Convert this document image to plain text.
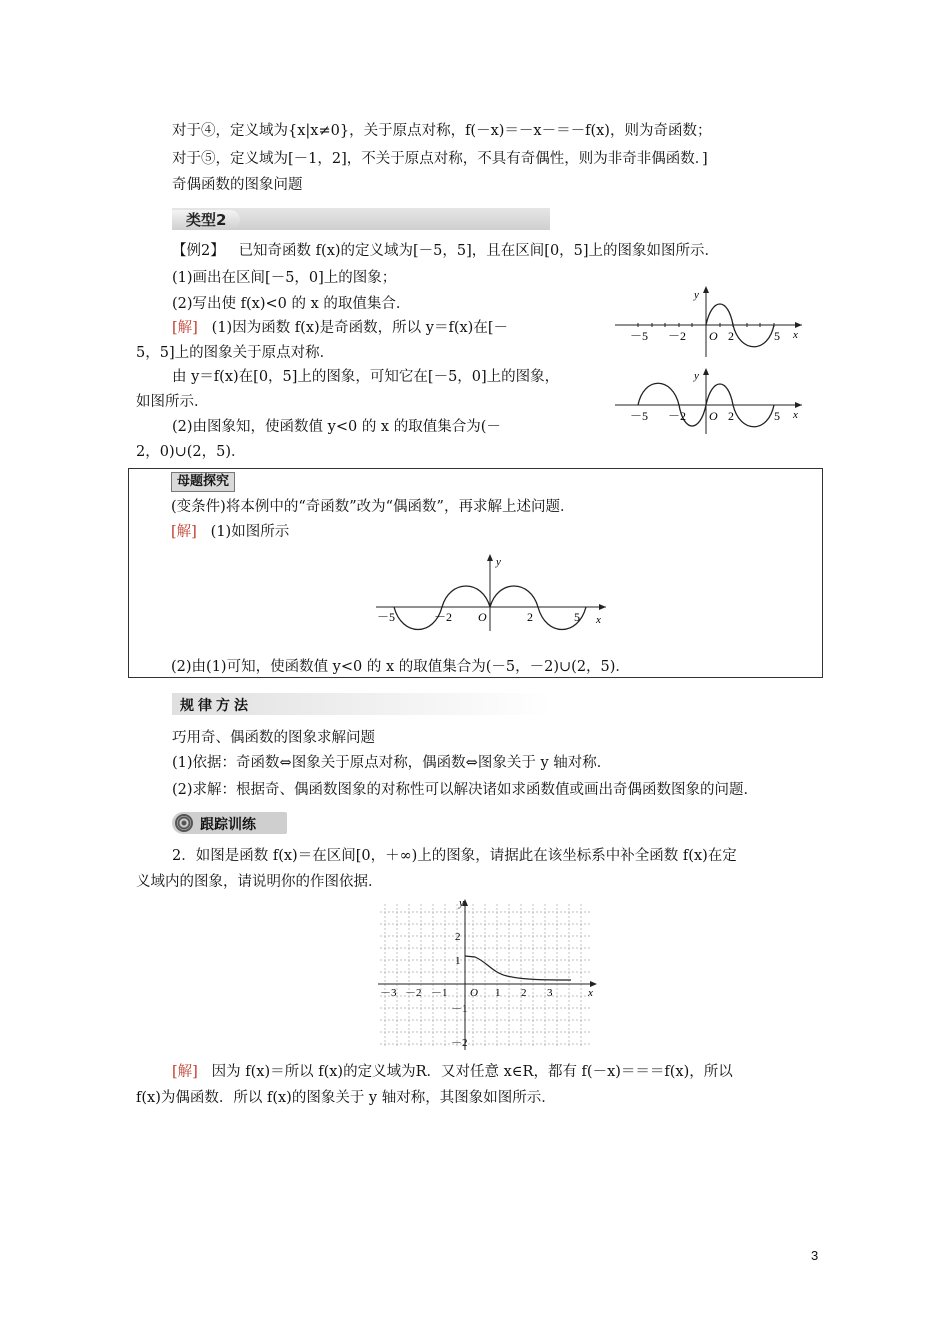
对于④，定义域为{x|x≠0}，关于原点对称，f(－x)＝－x－＝－f(x)，则为奇函数；
对于⑤，定义域为[－1，2]，不关于原点对称，不具有奇偶性，则为非奇非偶函数．]
奇偶函数的图象问题
类型2
【例2】 已知奇函数 f(x)的定义域为[－5，5]，且在区间[0，5]上的图象如图所示．
(1)画出在区间[－5，0]上的图象；
(2)写出使 f(x)<0 的 x 的取值集合．
[解] (1)因为函数 f(x)是奇函数，所以 y＝f(x)在[－
5，5]上的图象关于原点对称．
由 y＝f(x)在[0，5]上的图象，可知它在[－5，0]上的图象，
如图所示．
(2)由图象知，使函数值 y<0 的 x 的取值集合为(－
2，0)∪(2，5)．
－5 －2 O 2	5 x
y
－5 －2 O 2	5 x
y
母题探究
(变条件)将本例中的“奇函数”改为“偶函数”，再求解上述问题．
[解] (1)如图所示
－5	－2 O	2	5 x
y
(2)由(1)可知，使函数值 y<0 的 x 的取值集合为(－5，－2)∪(2，5)．
规律方法
巧用奇、偶函数的图象求解问题
(1)依据：奇函数⇔图象关于原点对称，偶函数⇔图象关于 y 轴对称．
(2)求解：根据奇、偶函数图象的对称性可以解决诸如求函数值或画出奇偶函数图象的问题．
跟踪训练
2．如图是函数 f(x)＝在区间[0，＋∞)上的图象，请据此在该坐标系中补全函数 f(x)在定
义域内的图象，请说明你的作图依据．
－3 －2 －1 O 1 2 3
2
1
－1
－2
x
y
[解] 因为 f(x)＝所以 f(x)的定义域为R．又对任意 x∈R，都有 f(－x)＝＝＝f(x)，所以
f(x)为偶函数．所以 f(x)的图象关于 y 轴对称，其图象如图所示．
3
